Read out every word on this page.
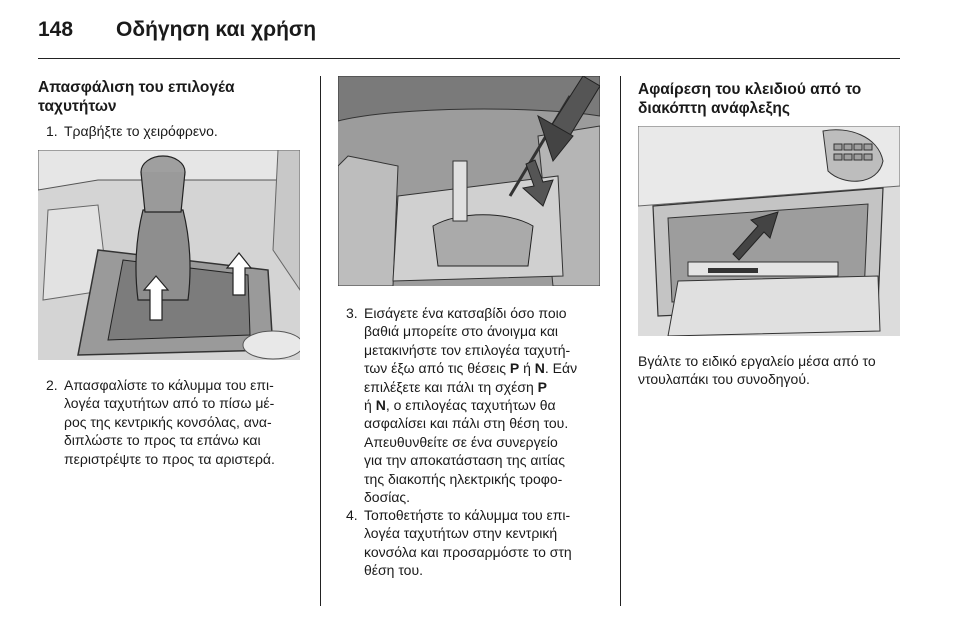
148 Οδήγηση και χρήση
Απασφάλιση του επιλογέα
ταχυτήτων
1. Τραβήξτε το χειρόφρενο.
2. Απασφαλίστε το κάλυμμα του επι-
λογέα ταχυτήτων από το πίσω μέ-
ρος της κεντρικής κονσόλας, ανα-
διπλώστε το προς τα επάνω και
περιστρέψτε το προς τα αριστερά.
3. Εισάγετε ένα κατσαβίδι όσο ποιο
βαθιά μπορείτε στο άνοιγμα και
μετακινήστε τον επιλογέα ταχυτή-
των έξω από τις θέσεις P ή N. Εάν
επιλέξετε και πάλι τη σχέση P
ή N, ο επιλογέας ταχυτήτων θα
ασφαλίσει και πάλι στη θέση του.
Απευθυνθείτε σε ένα συνεργείο
για την αποκατάσταση της αιτίας
της διακοπής ηλεκτρικής τροφο-
δοσίας.
4. Τοποθετήστε το κάλυμμα του επι-
λογέα ταχυτήτων στην κεντρική
κονσόλα και προσαρμόστε το στη
θέση του.
Αφαίρεση του κλειδιού από το
διακόπτη ανάφλεξης
Βγάλτε το ειδικό εργαλείο μέσα από το
ντουλαπάκι του συνοδηγού.
